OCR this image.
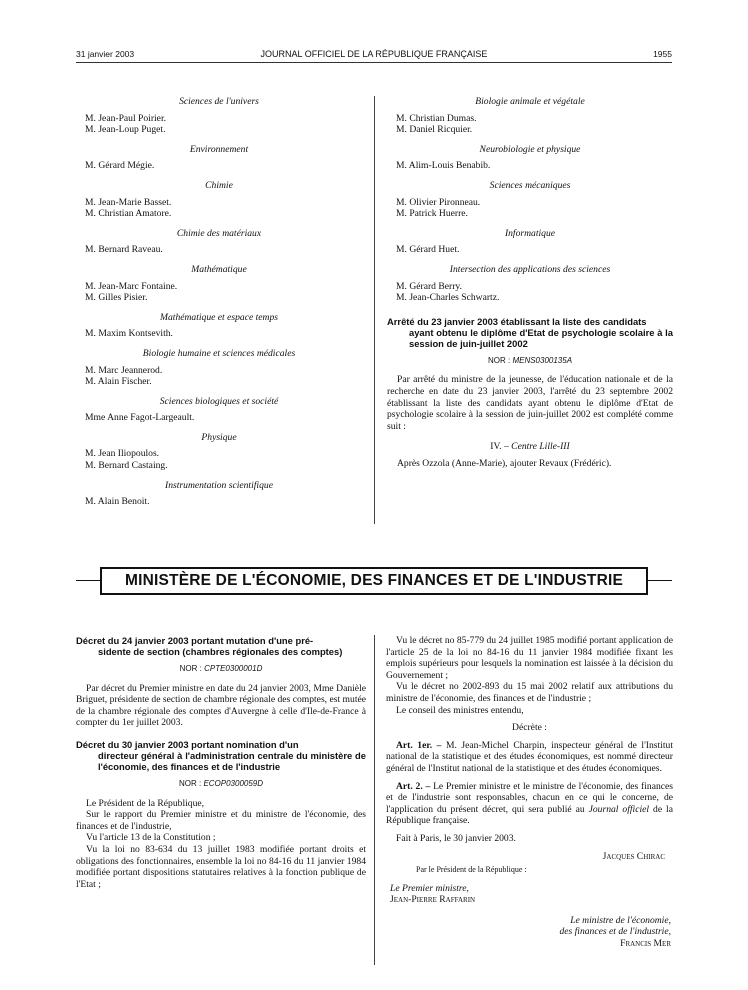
31 janvier 2003	JOURNAL OFFICIEL DE LA RÉPUBLIQUE FRANÇAISE	1955
Sciences de l'univers
M. Jean-Paul Poirier.
M. Jean-Loup Puget.
Environnement
M. Gérard Mégie.
Chimie
M. Jean-Marie Basset.
M. Christian Amatore.
Chimie des matériaux
M. Bernard Raveau.
Mathématique
M. Jean-Marc Fontaine.
M. Gilles Pisier.
Mathématique et espace temps
M. Maxim Kontsevith.
Biologie humaine et sciences médicales
M. Marc Jeannerod.
M. Alain Fischer.
Sciences biologiques et société
Mme Anne Fagot-Largeault.
Physique
M. Jean Iliopoulos.
M. Bernard Castaing.
Instrumentation scientifique
M. Alain Benoit.
Biologie animale et végétale
M. Christian Dumas.
M. Daniel Ricquier.
Neurobiologie et physique
M. Alim-Louis Benabib.
Sciences mécaniques
M. Olivier Pironneau.
M. Patrick Huerre.
Informatique
M. Gérard Huet.
Intersection des applications des sciences
M. Gérard Berry.
M. Jean-Charles Schwartz.
Arrêté du 23 janvier 2003 établissant la liste des candidats
ayant obtenu le diplôme d'Etat de psychologie scolaire à la session de juin-juillet 2002
NOR : MENS0300135A

Par arrêté du ministre de la jeunesse, de l'éducation nationale et de la recherche en date du 23 janvier 2003, l'arrêté du 23 septembre 2002 établissant la liste des candidats ayant obtenu le diplôme d'Etat de psychologie scolaire à la session de juin-juillet 2002 est complété comme suit :

IV. – Centre Lille-III

Après Ozzola (Anne-Marie), ajouter Revaux (Frédéric).

MINISTÈRE DE L'ÉCONOMIE, DES FINANCES ET DE L'INDUSTRIE
Décret du 24 janvier 2003 portant mutation d'une pré-
sidente de section (chambres régionales des comptes)
NOR : CPTE0300001D

Par décret du Premier ministre en date du 24 janvier 2003, Mme Danièle Briguet, présidente de section de chambre régionale des comptes, est mutée de la chambre régionale des comptes d'Auvergne à celle d'Ile-de-France à compter du 1er juillet 2003.

Décret du 30 janvier 2003 portant nomination d'un
directeur général à l'administration centrale du ministère de l'économie, des finances et de l'industrie
NOR : ECOP0300059D

Le Président de la République,

Sur le rapport du Premier ministre et du ministre de l'économie, des finances et de l'industrie,

Vu l'article 13 de la Constitution ;

Vu la loi no 83-634 du 13 juillet 1983 modifiée portant droits et obligations des fonctionnaires, ensemble la loi no 84-16 du 11 janvier 1984 modifiée portant dispositions statutaires relatives à la fonction publique de l'Etat ;

Vu le décret no 85-779 du 24 juillet 1985 modifié portant application de l'article 25 de la loi no 84-16 du 11 janvier 1984 modifiée fixant les emplois supérieurs pour lesquels la nomination est laissée à la décision du Gouvernement ;

Vu le décret no 2002-893 du 15 mai 2002 relatif aux attributions du ministre de l'économie, des finances et de l'industrie ;

Le conseil des ministres entendu,

Décrète :

Art. 1er. – M. Jean-Michel Charpin, inspecteur général de l'Institut national de la statistique et des études économiques, est nommé directeur général de l'Institut national de la statistique et des études économiques.

Art. 2. – Le Premier ministre et le ministre de l'économie, des finances et de l'industrie sont responsables, chacun en ce qui le concerne, de l'application du présent décret, qui sera publié au Journal officiel de la République française.

Fait à Paris, le 30 janvier 2003.

Jacques Chirac
Par le Président de la République :
Le Premier ministre,
Jean-Pierre Raffarin
Le ministre de l'économie,
des finances et de l'industrie,
Francis Mer
